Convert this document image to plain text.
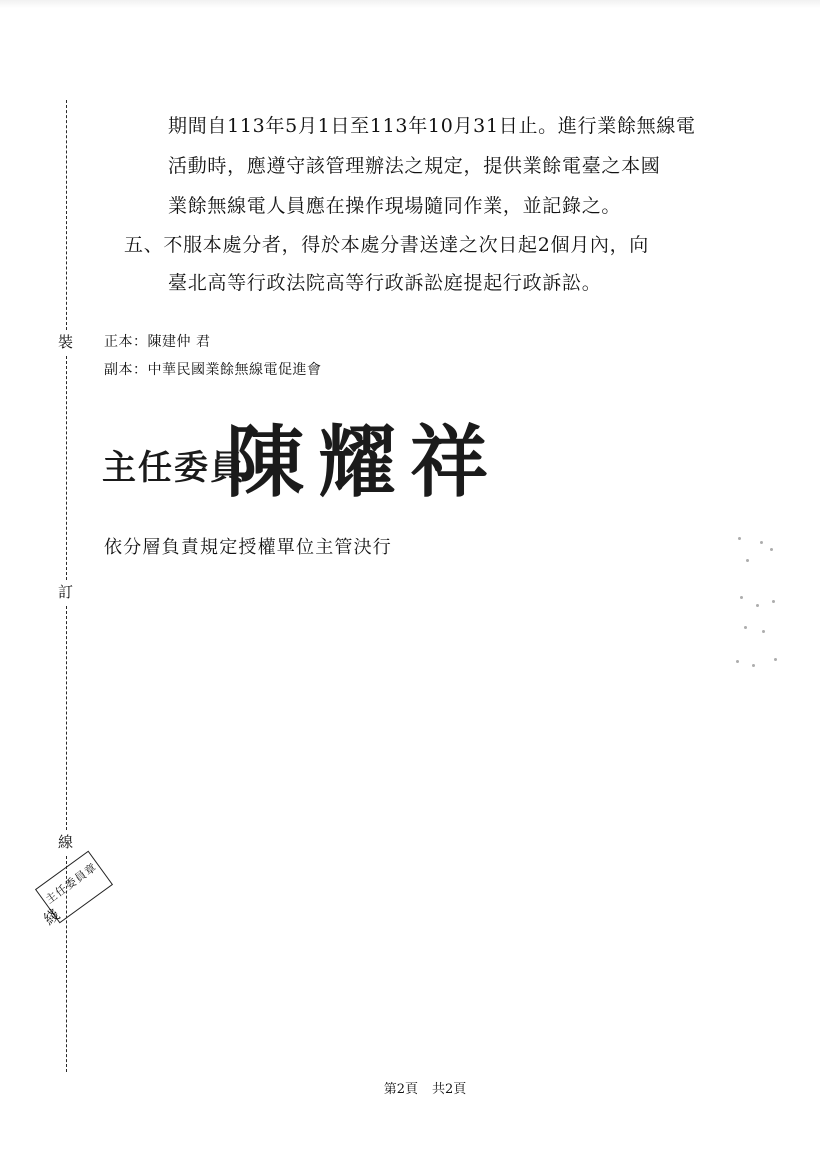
裝
訂
線
主任委員章
綫
期間自113年5月1日至113年10月31日止。進行業餘無線電
活動時，應遵守該管理辦法之規定，提供業餘電臺之本國
業餘無線電人員應在操作現場隨同作業，並記錄之。
五、不服本處分者，得於本處分書送達之次日起2個月內，向
臺北高等行政法院高等行政訴訟庭提起行政訴訟。
正本：陳建仲 君
副本：中華民國業餘無線電促進會
主任委員
陳耀祥
依分層負責規定授權單位主管決行
第2頁 共2頁
